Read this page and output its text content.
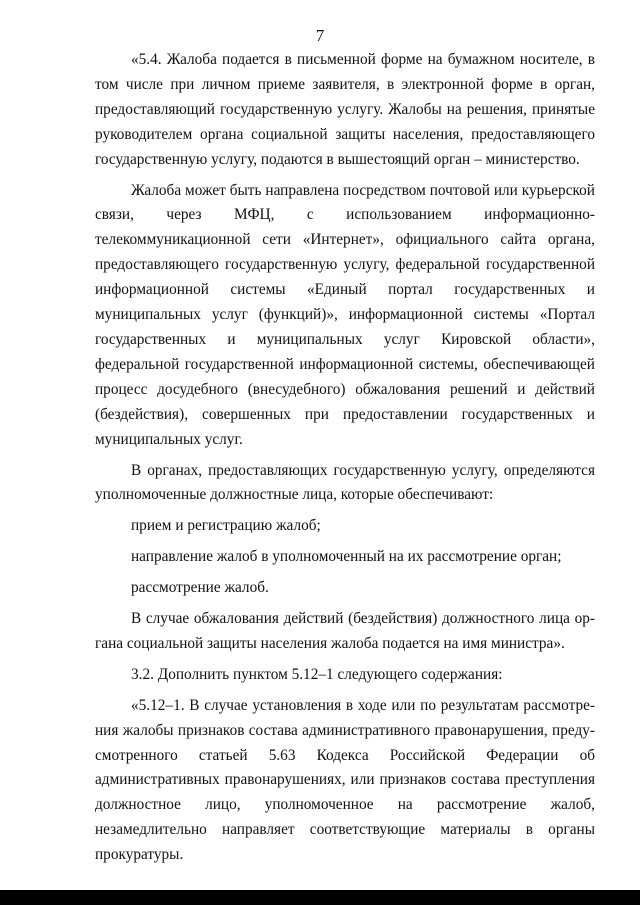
7

«5.4. Жалоба подается в письменной форме на бумажном носителе, в том числе при личном приеме заявителя, в электронной форме в орган, предоставляющий государственную услугу. Жалобы на решения, принятые руководителем органа социальной защиты населения, предоставляющего государственную услугу, подаются в вышестоящий орган – министерство.

Жалоба может быть направлена посредством почтовой или курьерской связи, через МФЦ, с использованием информационно-телекоммуникационной сети «Интернет», официального сайта органа, предоставляющего государственную услугу, федеральной государственной информационной системы «Единый портал государственных и муниципальных услуг (функций)», информационной системы «Портал государственных и муниципальных услуг Кировской области», федеральной государственной информационной системы, обеспечивающей процесс досудебного (внесудебного) обжалования решений и действий (бездействия), совершенных при предоставлении государственных и муниципальных услуг.

В органах, предоставляющих государственную услугу, определяются уполномоченные должностные лица, которые обеспечивают:

прием и регистрацию жалоб;

направление жалоб в уполномоченный на их рассмотрение орган;

рассмотрение жалоб.

В случае обжалования действий (бездействия) должностного лица органа социальной защиты населения жалоба подается на имя министра».

3.2. Дополнить пунктом 5.12–1 следующего содержания:

«5.12–1. В случае установления в ходе или по результатам рассмотрения жалобы признаков состава административного правонарушения, предусмотренного статьей 5.63 Кодекса Российской Федерации об административных правонарушениях, или признаков состава преступления должностное лицо, уполномоченное на рассмотрение жалоб, незамедлительно направляет соответствующие материалы в органы прокуратуры.
